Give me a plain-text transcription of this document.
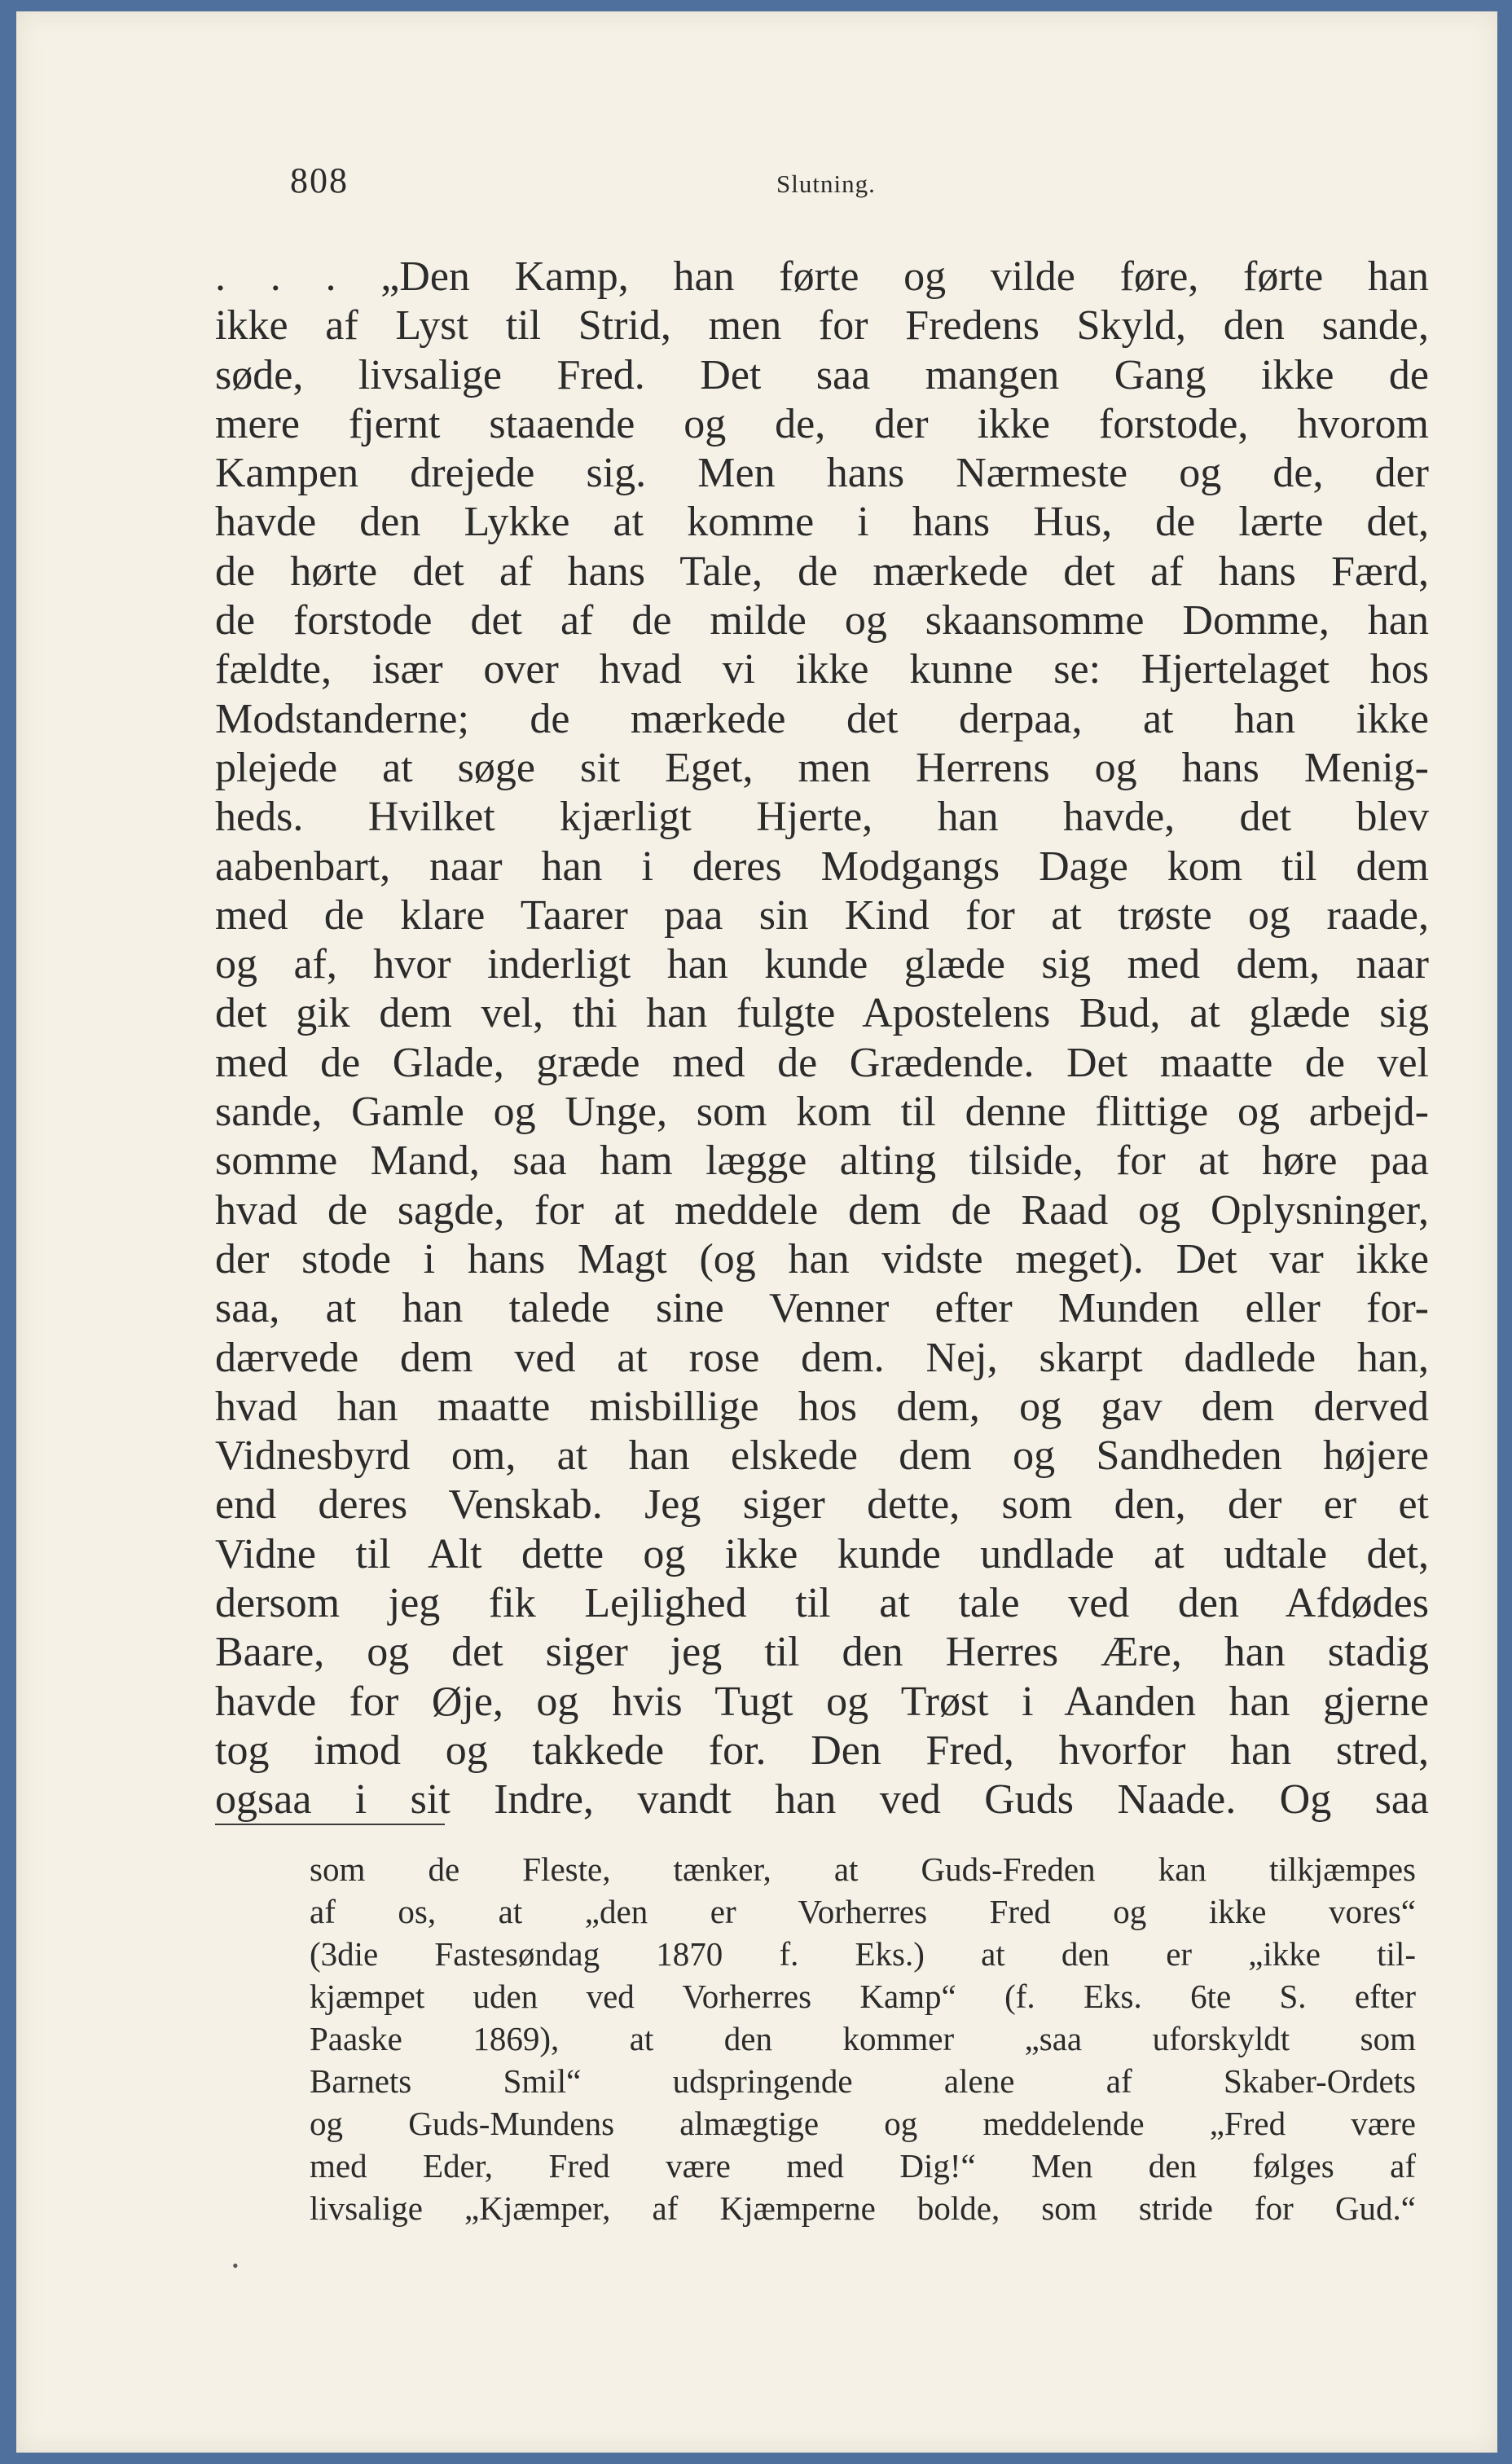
808	Slutning.
. . . „Den Kamp, han førte og vilde føre, førte han
ikke af Lyst til Strid, men for Fredens Skyld, den sande,
søde, livsalige Fred. Det saa mangen Gang ikke de
mere fjernt staaende og de, der ikke forstode, hvorom
Kampen drejede sig. Men hans Nærmeste og de, der
havde den Lykke at komme i hans Hus, de lærte det,
de hørte det af hans Tale, de mærkede det af hans Færd,
de forstode det af de milde og skaansomme Domme, han
fældte, især over hvad vi ikke kunne se: Hjertelaget hos
Modstanderne; de mærkede det derpaa, at han ikke
plejede at søge sit Eget, men Herrens og hans Menig-
heds. Hvilket kjærligt Hjerte, han havde, det blev
aabenbart, naar han i deres Modgangs Dage kom til dem
med de klare Taarer paa sin Kind for at trøste og raade,
og af, hvor inderligt han kunde glæde sig med dem, naar
det gik dem vel, thi han fulgte Apostelens Bud, at glæde sig
med de Glade, græde med de Grædende. Det maatte de vel
sande, Gamle og Unge, som kom til denne flittige og arbejd-
somme Mand, saa ham lægge alting tilside, for at høre paa
hvad de sagde, for at meddele dem de Raad og Oplysninger,
der stode i hans Magt (og han vidste meget). Det var ikke
saa, at han talede sine Venner efter Munden eller for-
dærvede dem ved at rose dem. Nej, skarpt dadlede han,
hvad han maatte misbillige hos dem, og gav dem derved
Vidnesbyrd om, at han elskede dem og Sandheden højere
end deres Venskab. Jeg siger dette, som den, der er et
Vidne til Alt dette og ikke kunde undlade at udtale det,
dersom jeg fik Lejlighed til at tale ved den Afdødes
Baare, og det siger jeg til den Herres Ære, han stadig
havde for Øje, og hvis Tugt og Trøst i Aanden han gjerne
tog imod og takkede for. Den Fred, hvorfor han stred,
ogsaa i sit Indre, vandt han ved Guds Naade. Og saa
som de Fleste, tænker, at Guds-Freden kan tilkjæmpes
af os, at „den er Vorherres Fred og ikke vores“
(3die Fastesøndag 1870 f. Eks.) at den er „ikke til-
kjæmpet uden ved Vorherres Kamp“ (f. Eks. 6te S. efter
Paaske 1869), at den kommer „saa uforskyldt som
Barnets Smil“ udspringende alene af Skaber-Ordets
og Guds-Mundens almægtige og meddelende „Fred være
med Eder, Fred være med Dig!“ Men den følges af
livsalige „Kjæmper, af Kjæmperne bolde, som stride for Gud.“
•
